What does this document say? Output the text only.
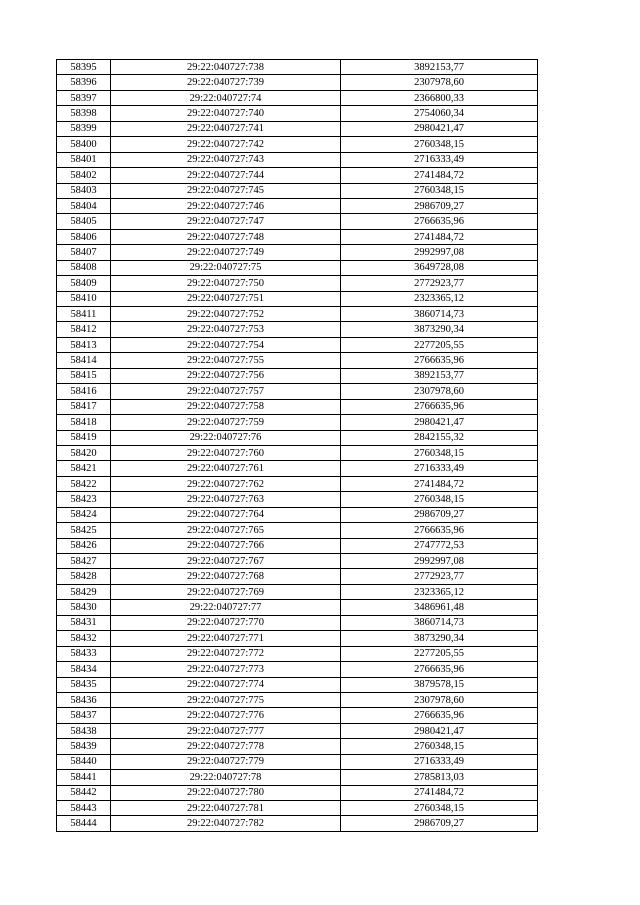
58395	29:22:040727:738	3892153,77
58396	29:22:040727:739	2307978,60
58397	29:22:040727:74	2366800,33
58398	29:22:040727:740	2754060,34
58399	29:22:040727:741	2980421,47
58400	29:22:040727:742	2760348,15
58401	29:22:040727:743	2716333,49
58402	29:22:040727:744	2741484,72
58403	29:22:040727:745	2760348,15
58404	29:22:040727:746	2986709,27
58405	29:22:040727:747	2766635,96
58406	29:22:040727:748	2741484,72
58407	29:22:040727:749	2992997,08
58408	29:22:040727:75	3649728,08
58409	29:22:040727:750	2772923,77
58410	29:22:040727:751	2323365,12
58411	29:22:040727:752	3860714,73
58412	29:22:040727:753	3873290,34
58413	29:22:040727:754	2277205,55
58414	29:22:040727:755	2766635,96
58415	29:22:040727:756	3892153,77
58416	29:22:040727:757	2307978,60
58417	29:22:040727:758	2766635,96
58418	29:22:040727:759	2980421,47
58419	29:22:040727:76	2842155,32
58420	29:22:040727:760	2760348,15
58421	29:22:040727:761	2716333,49
58422	29:22:040727:762	2741484,72
58423	29:22:040727:763	2760348,15
58424	29:22:040727:764	2986709,27
58425	29:22:040727:765	2766635,96
58426	29:22:040727:766	2747772,53
58427	29:22:040727:767	2992997,08
58428	29:22:040727:768	2772923,77
58429	29:22:040727:769	2323365,12
58430	29:22:040727:77	3486961,48
58431	29:22:040727:770	3860714,73
58432	29:22:040727:771	3873290,34
58433	29:22:040727:772	2277205,55
58434	29:22:040727:773	2766635,96
58435	29:22:040727:774	3879578,15
58436	29:22:040727:775	2307978,60
58437	29:22:040727:776	2766635,96
58438	29:22:040727:777	2980421,47
58439	29:22:040727:778	2760348,15
58440	29:22:040727:779	2716333,49
58441	29:22:040727:78	2785813,03
58442	29:22:040727:780	2741484,72
58443	29:22:040727:781	2760348,15
58444	29:22:040727:782	2986709,27
